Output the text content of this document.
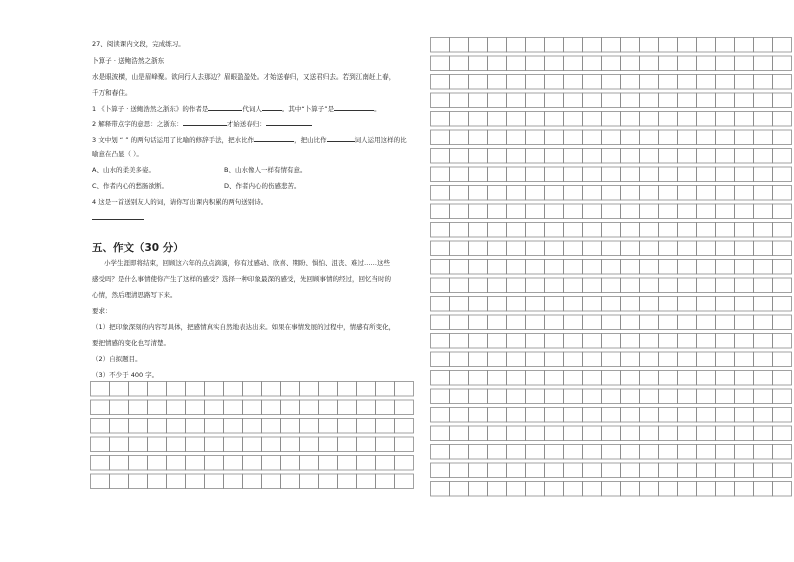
27、阅读课内文段，完成练习。
卜算子 · 送鲍浩然之浙东
水是眼波横，山是眉峰聚。欲问行人去那边？眉眼盈盈处。才始送春归，又送君归去。若到江南赶上春，
千万和春住。
1 《卜算子 · 送鲍浩然之浙东》的作者是	代词人	。其中“卜算子”是	。
2 解释带点字的意思：之浙东：	才始送春归：
3 文中划 “ ” 的两句话运用了比喻的修辞手法，把水比作	，把山比作	词人运用这样的比
喻意在凸显（ ）。
A、山水的柔美多姿。	B、山水像人一样有情有意。
C、作者内心的愁肠欲断。	D、作者内心的伤感悲苦。
4 这是一首送别友人的词，请你写出课内积累的两句送别诗。
五、作文（30 分）
小学生涯即将结束，回顾这六年的点点滴滴，你有过感动、欣喜、期盼、惧怕、沮丧、难过……这些
感受吗？是什么事情使你产生了这样的感受？选择一种印象最深的感受，先回顾事情的经过，回忆当时的
心情，然后理清思路写下来。
要求：
（1）把印象深刻的内容写具体，把感情真实自然地表达出来。如果在事情发展的过程中，情感有所变化，
要把情感的变化也写清楚。
（2）自拟题目。
（3）不少于 400 字。
